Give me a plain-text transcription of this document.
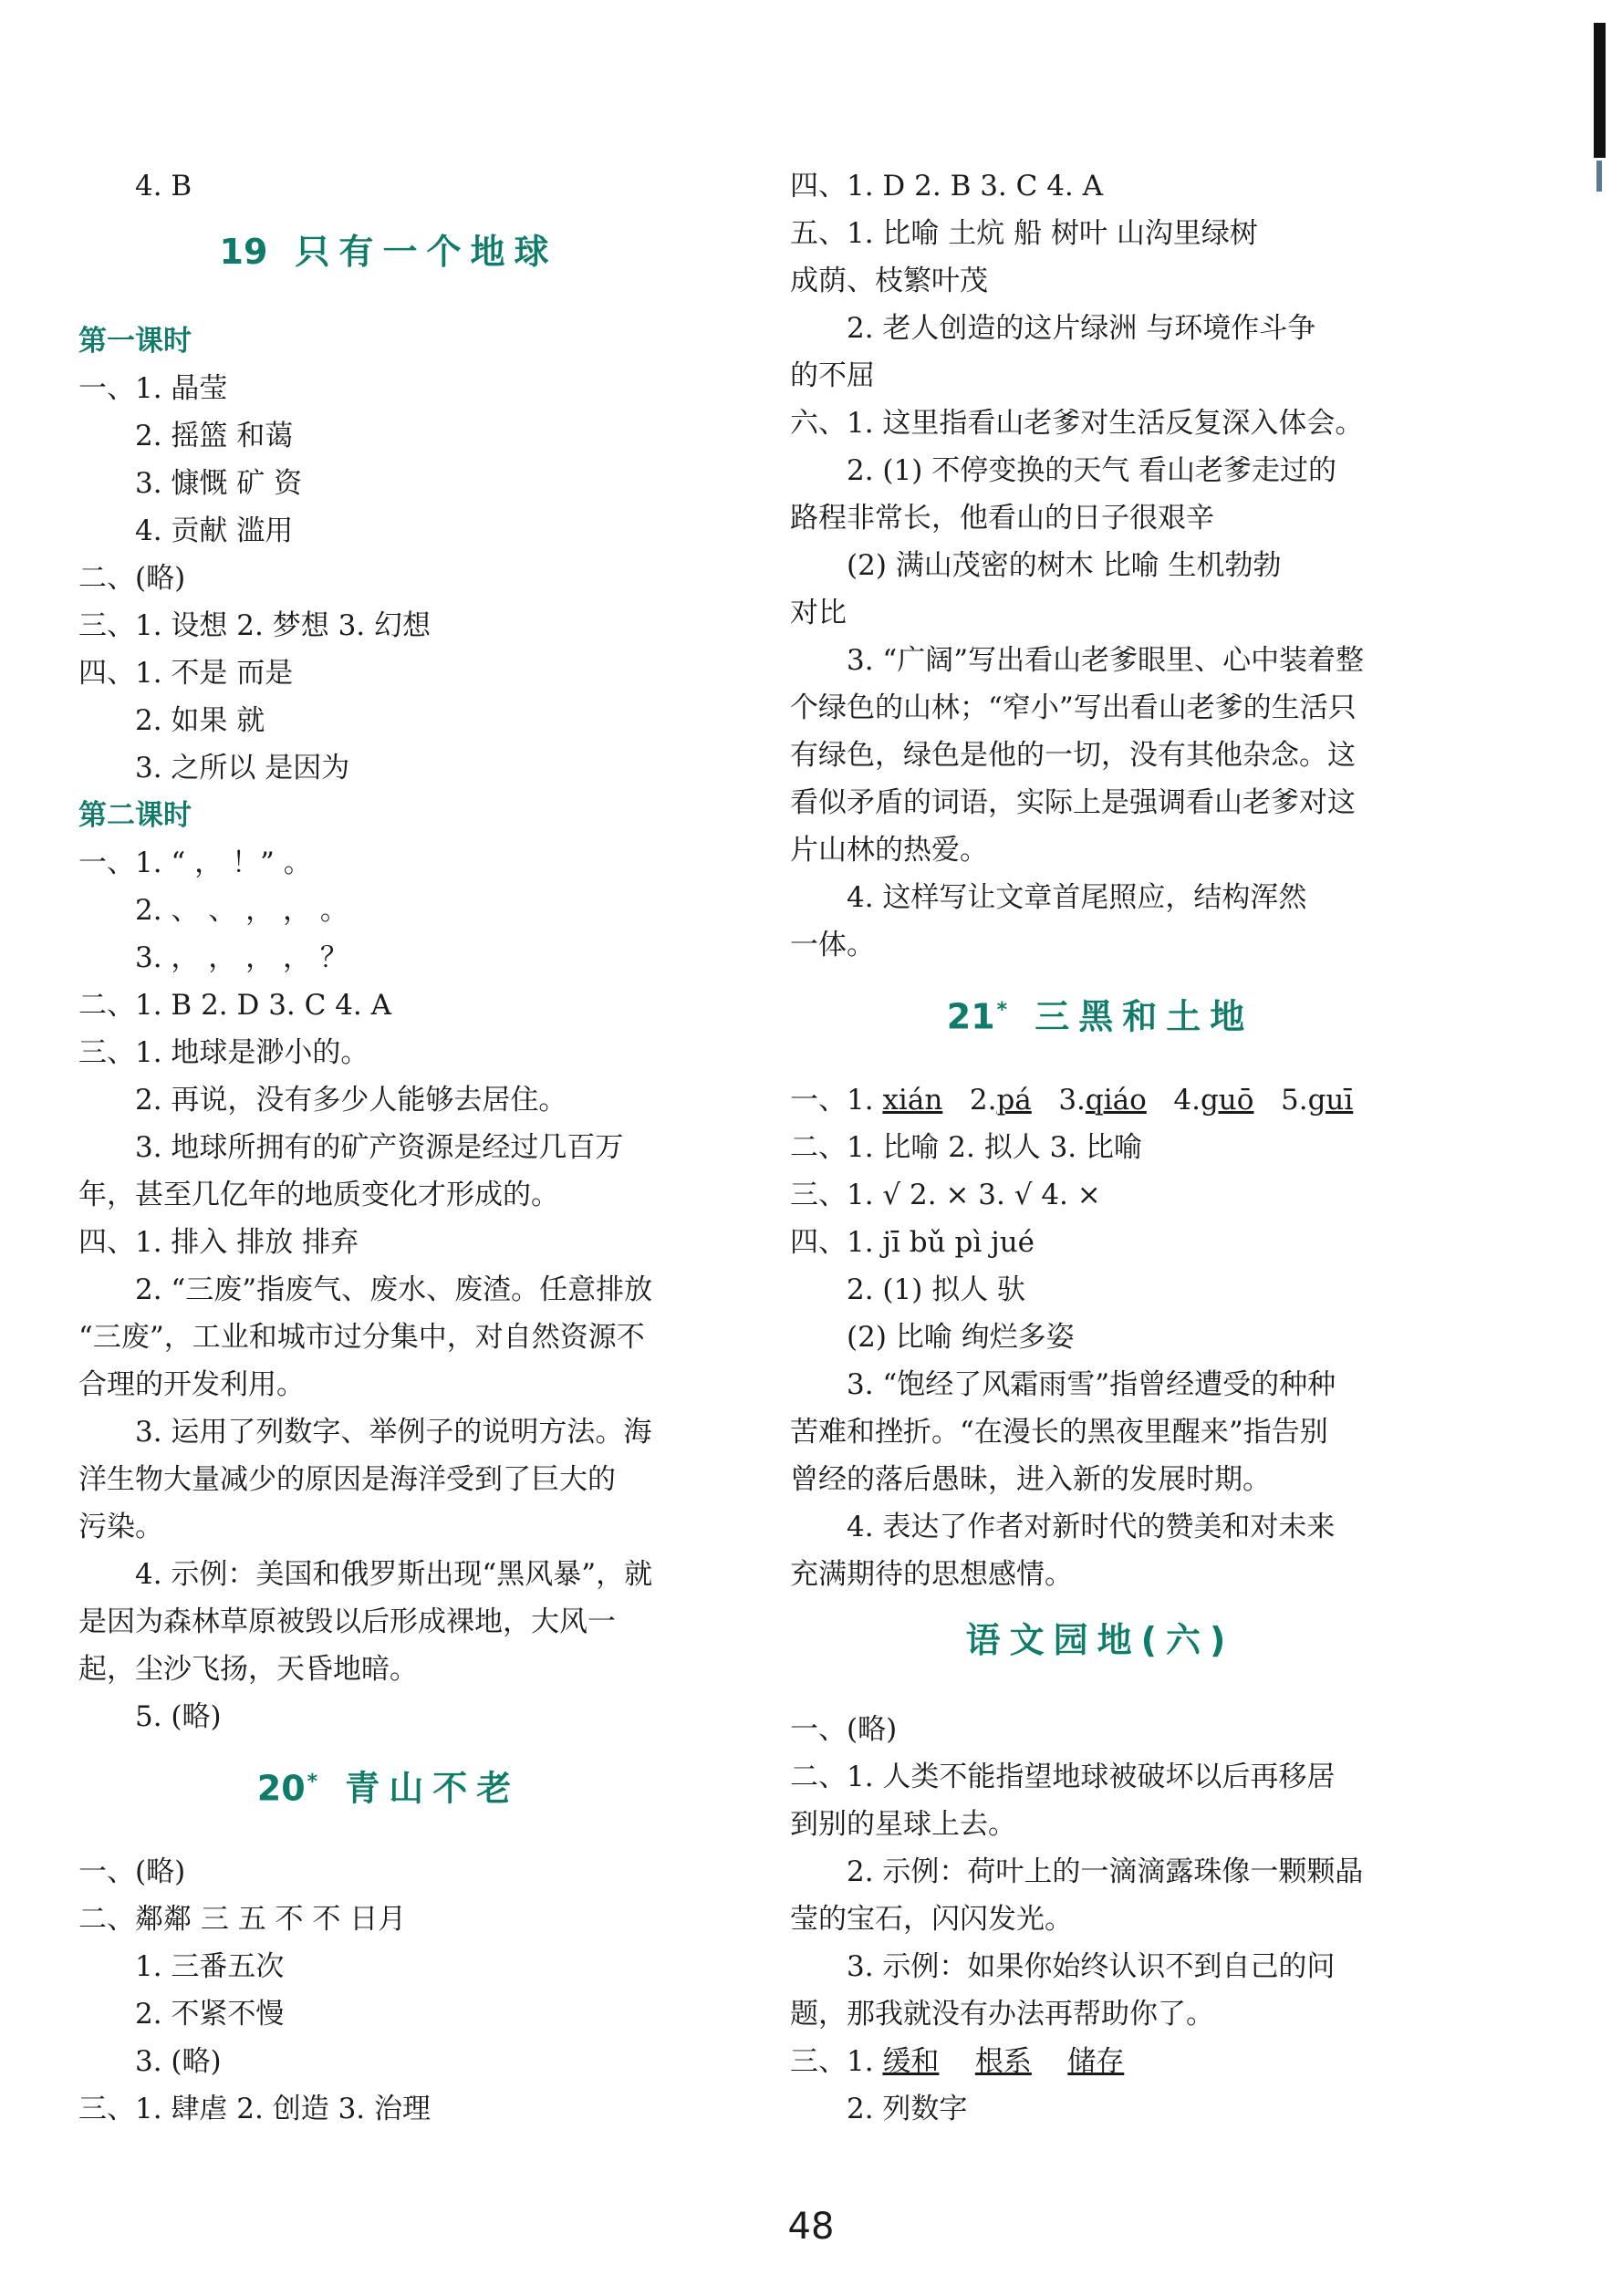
4. B
19 只有一个地球
第一课时
一、1. 晶莹
2. 摇篮 和蔼
3. 慷慨 矿 资
4. 贡献 滥用
二、(略)
三、1. 设想 2. 梦想 3. 幻想
四、1. 不是 而是
2. 如果 就
3. 之所以 是因为
第二课时
一、1. “ ， ！” 。
2. 、 、 ， ， 。
3. ， ， ， ， ？
二、1. B 2. D 3. C 4. A
三、1. 地球是渺小的。
2. 再说，没有多少人能够去居住。
3. 地球所拥有的矿产资源是经过几百万
年，甚至几亿年的地质变化才形成的。
四、1. 排入 排放 排弃
2. “三废”指废气、废水、废渣。任意排放
“三废”，工业和城市过分集中，对自然资源不
合理的开发利用。
3. 运用了列数字、举例子的说明方法。海
洋生物大量减少的原因是海洋受到了巨大的
污染。
4. 示例：美国和俄罗斯出现“黑风暴”，就
是因为森林草原被毁以后形成裸地，大风一
起，尘沙飞扬，天昏地暗。
5. (略)
20* 青山不老
一、(略)
二、鄰鄰 三 五 不 不 日月
1. 三番五次
2. 不紧不慢
3. (略)
三、1. 肆虐 2. 创造 3. 治理
四、1. D 2. B 3. C 4. A
五、1. 比喻 土炕 船 树叶 山沟里绿树
成荫、枝繁叶茂
2. 老人创造的这片绿洲 与环境作斗争
的不屈
六、1. 这里指看山老爹对生活反复深入体会。
2. (1) 不停变换的天气 看山老爹走过的
路程非常长，他看山的日子很艰辛
(2) 满山茂密的树木 比喻 生机勃勃
对比
3. “广阔”写出看山老爹眼里、心中装着整
个绿色的山林；“窄小”写出看山老爹的生活只
有绿色，绿色是他的一切，没有其他杂念。这
看似矛盾的词语，实际上是强调看山老爹对这
片山林的热爱。
4. 这样写让文章首尾照应，结构浑然
一体。
21* 三黑和土地
一、1. xián   2.pá   3.qiáo   4.guō   5.guī
二、1. 比喻 2. 拟人 3. 比喻
三、1. √ 2. × 3. √ 4. ×
四、1. jī bǔ pì jué
2. (1) 拟人 驮
(2) 比喻 绚烂多姿
3. “饱经了风霜雨雪”指曾经遭受的种种
苦难和挫折。“在漫长的黑夜里醒来”指告别
曾经的落后愚昧，进入新的发展时期。
4. 表达了作者对新时代的赞美和对未来
充满期待的思想感情。
语文园地(六)
一、(略)
二、1. 人类不能指望地球被破坏以后再移居
到别的星球上去。
2. 示例：荷叶上的一滴滴露珠像一颗颗晶
莹的宝石，闪闪发光。
3. 示例：如果你始终认识不到自己的问
题，那我就没有办法再帮助你了。
三、1. 缓和 根系 储存
2. 列数字
48
